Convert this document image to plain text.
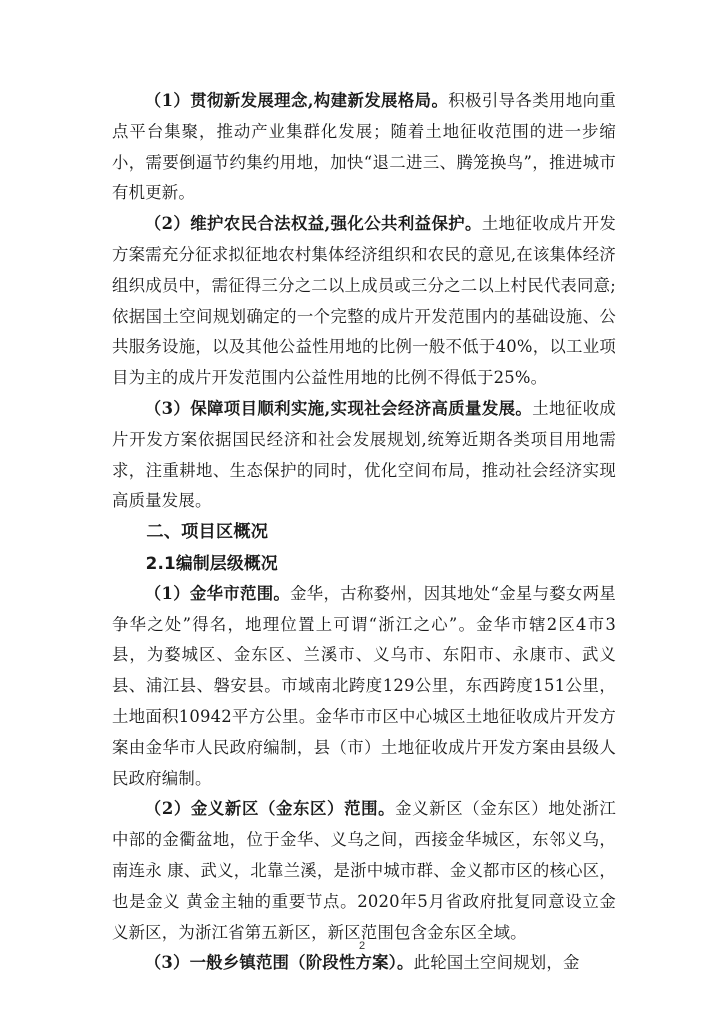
（1）贯彻新发展理念,构建新发展格局。积极引导各类用地向重点平台集聚，推动产业集群化发展；随着土地征收范围的进一步缩小，需要倒逼节约集约用地，加快“退二进三、腾笼换鸟”，推进城市有机更新。

（2）维护农民合法权益,强化公共利益保护。土地征收成片开发方案需充分征求拟征地农村集体经济组织和农民的意见,在该集体经济组织成员中，需征得三分之二以上成员或三分之二以上村民代表同意;依据国土空间规划确定的一个完整的成片开发范围内的基础设施、公共服务设施，以及其他公益性用地的比例一般不低于40%，以工业项目为主的成片开发范围内公益性用地的比例不得低于25%。

（3）保障项目顺利实施,实现社会经济高质量发展。土地征收成片开发方案依据国民经济和社会发展规划,统筹近期各类项目用地需求，注重耕地、生态保护的同时，优化空间布局，推动社会经济实现高质量发展。

二、项目区概况

2.1编制层级概况

（1）金华市范围。金华，古称婺州，因其地处“金星与婺女两星争华之处”得名，地理位置上可谓“浙江之心”。金华市辖2区4市3县，为婺城区、金东区、兰溪市、义乌市、东阳市、永康市、武义县、浦江县、磐安县。市域南北跨度129公里，东西跨度151公里，土地面积10942平方公里。金华市市区中心城区土地征收成片开发方案由金华市人民政府编制，县（市）土地征收成片开发方案由县级人民政府编制。

（2）金义新区（金东区）范围。金义新区（金东区）地处浙江中部的金衢盆地，位于金华、义乌之间，西接金华城区，东邻义乌，南连永 康、武义，北靠兰溪，是浙中城市群、金义都市区的核心区，也是金义 黄金主轴的重要节点。2020年5月省政府批复同意设立金义新区，为浙江省第五新区，新区范围包含金东区全域。

（3）一般乡镇范围（阶段性方案）。此轮国土空间规划，金

2
